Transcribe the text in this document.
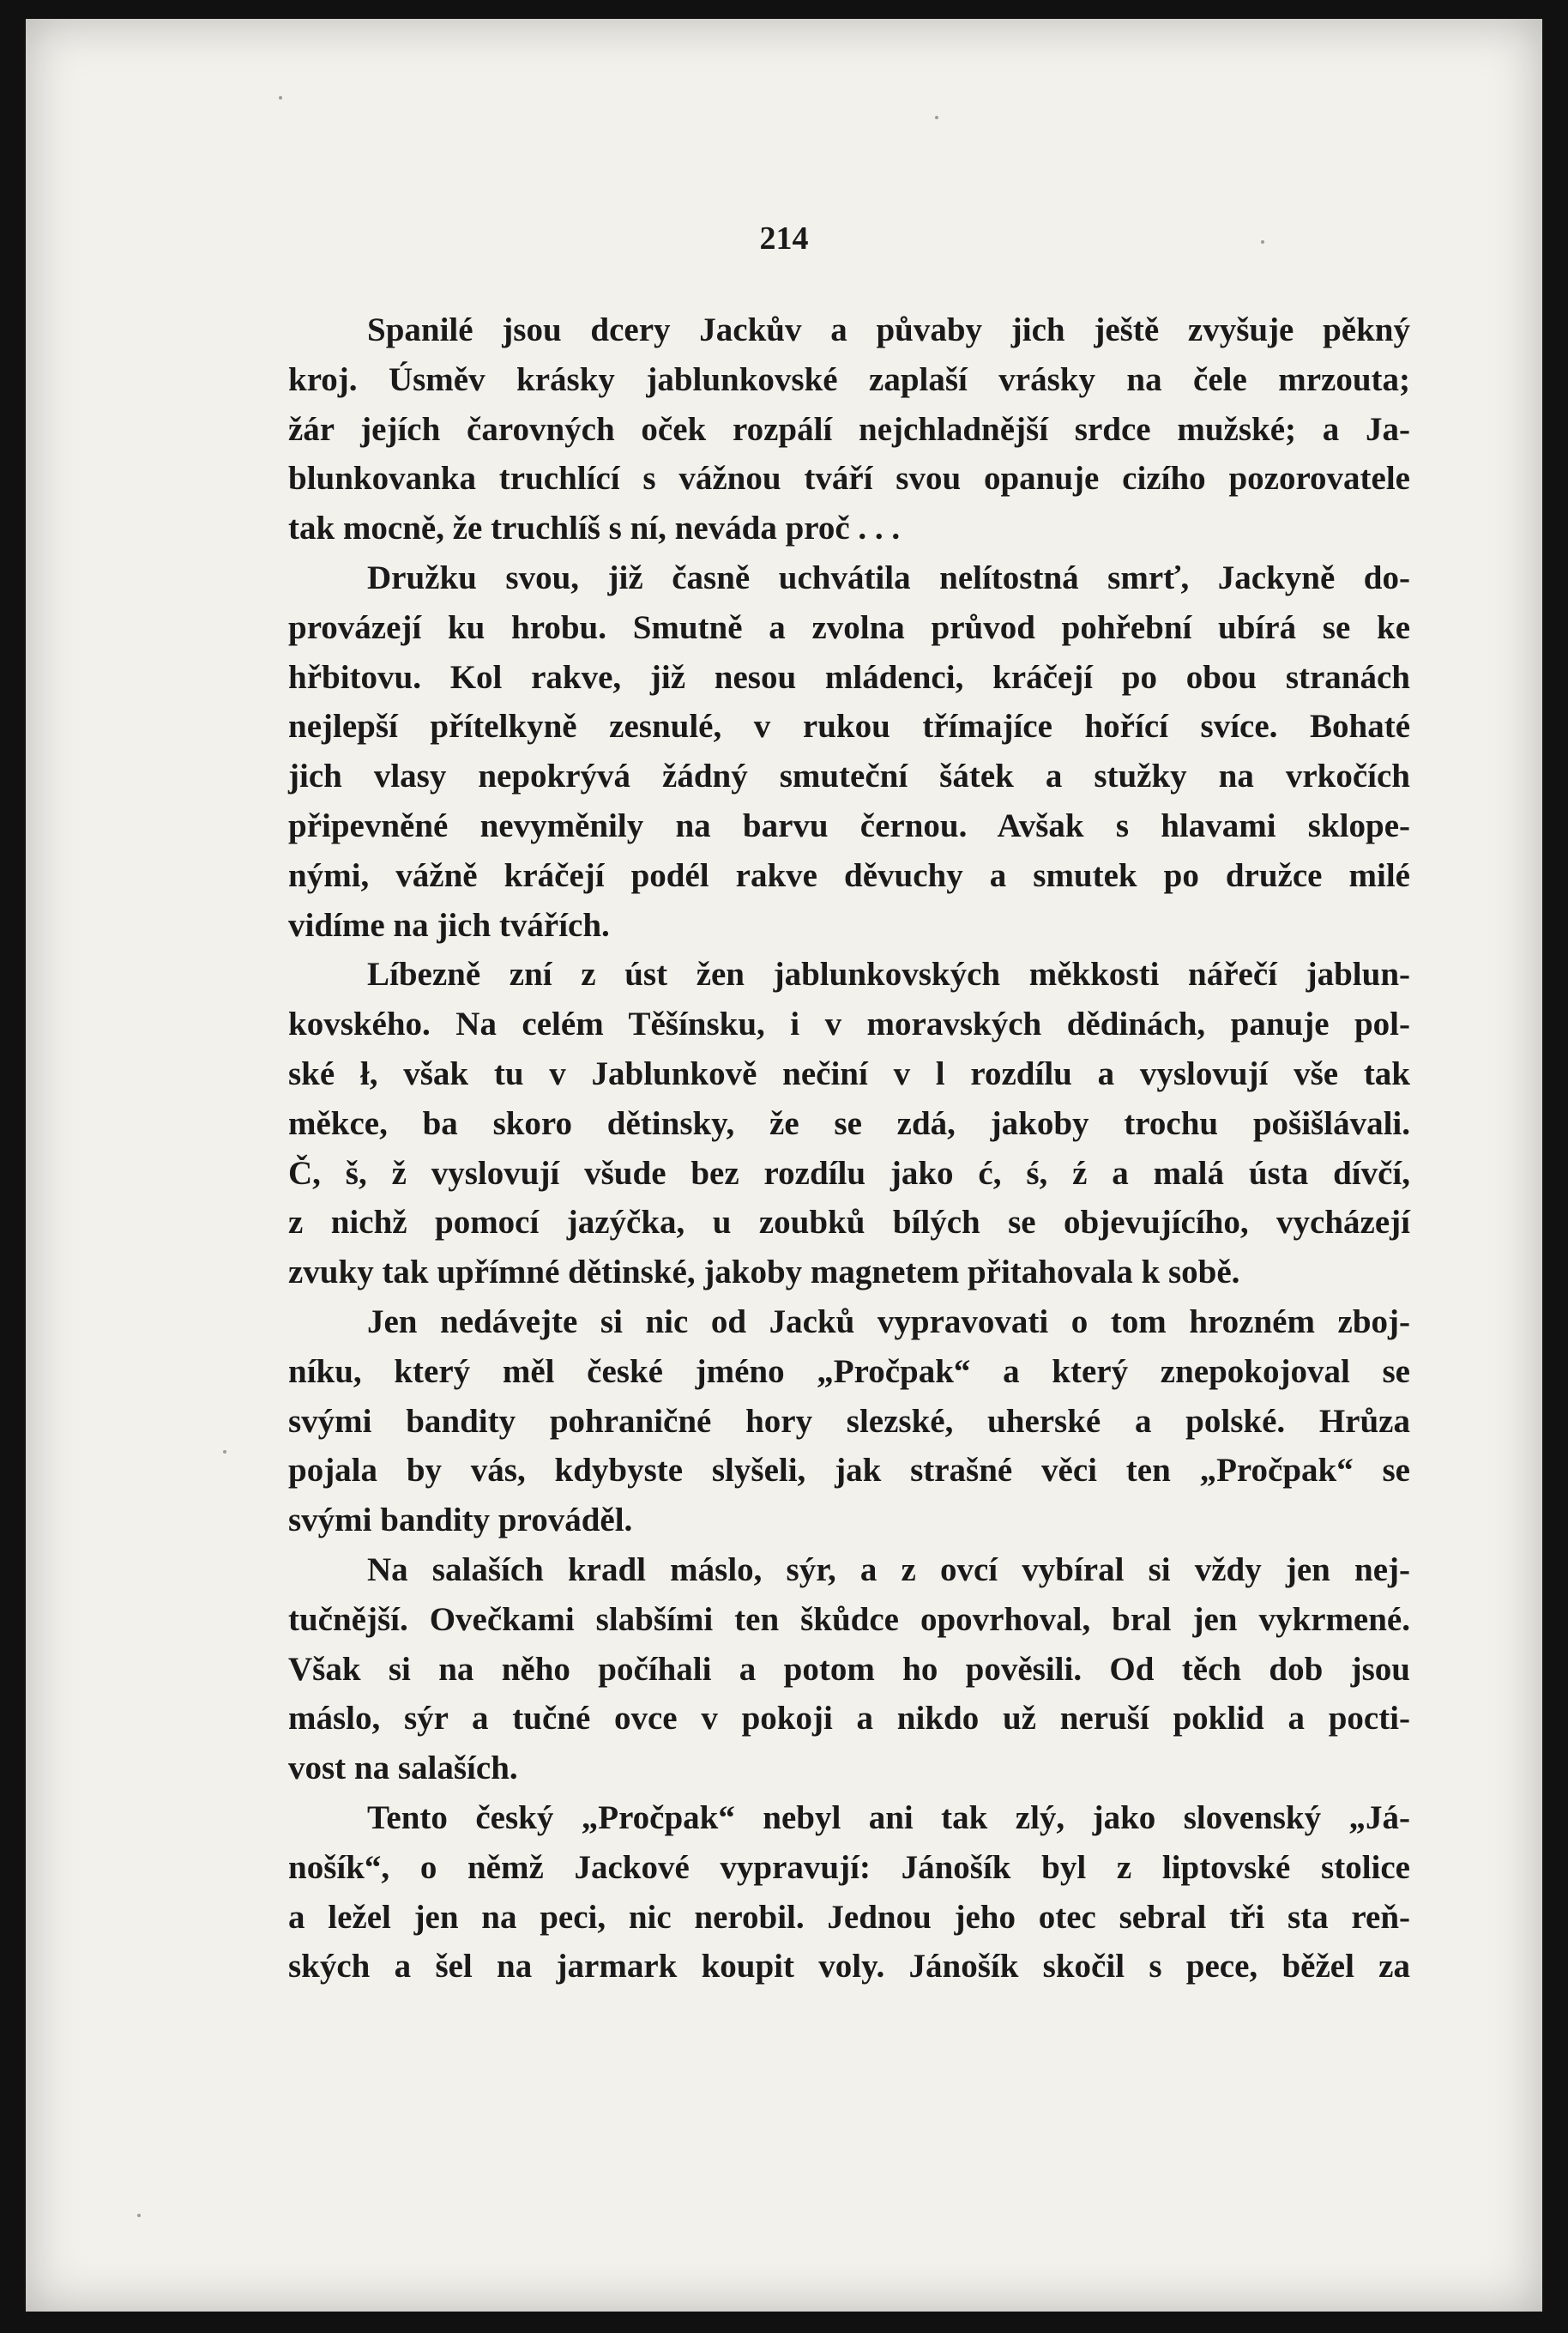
214
Spanilé jsou dcery Jackův a půvaby jich ještě zvyšuje pěkný
kroj. Úsměv krásky jablunkovské zaplaší vrásky na čele mrzouta;
žár jejích čarovných oček rozpálí nejchladnější srdce mužské; a Ja-
blunkovanka truchlící s vážnou tváří svou opanuje cizího pozorovatele
tak mocně, že truchlíš s ní, neváda proč . . .
Družku svou, již časně uchvátila nelítostná smrť, Jackyně do-
provázejí ku hrobu. Smutně a zvolna průvod pohřební ubírá se ke
hřbitovu. Kol rakve, již nesou mládenci, kráčejí po obou stranách
nejlepší přítelkyně zesnulé, v rukou třímajíce hořící svíce. Bohaté
jich vlasy nepokrývá žádný smuteční šátek a stužky na vrkočích
připevněné nevyměnily na barvu černou. Avšak s hlavami sklope-
nými, vážně kráčejí podél rakve děvuchy a smutek po družce milé
vidíme na jich tvářích.
Líbezně zní z úst žen jablunkovských měkkosti nářečí jablun-
kovského. Na celém Těšínsku, i v moravských dědinách, panuje pol-
ské ł, však tu v Jablunkově nečiní v l rozdílu a vyslovují vše tak
měkce, ba skoro dětinsky, že se zdá, jakoby trochu pošišlávali.
Č, š, ž vyslovují všude bez rozdílu jako ć, ś, ź a malá ústa dívčí,
z nichž pomocí jazýčka, u zoubků bílých se objevujícího, vycházejí
zvuky tak upřímné dětinské, jakoby magnetem přitahovala k sobě.
Jen nedávejte si nic od Jacků vypravovati o tom hrozném zboj-
níku, který měl české jméno „Pročpak“ a který znepokojoval se
svými bandity pohraničné hory slezské, uherské a polské. Hrůza
pojala by vás, kdybyste slyšeli, jak strašné věci ten „Pročpak“ se
svými bandity prováděl.
Na salaších kradl máslo, sýr, a z ovcí vybíral si vždy jen nej-
tučnější. Ovečkami slabšími ten škůdce opovrhoval, bral jen vykrmené.
Však si na něho počíhali a potom ho pověsili. Od těch dob jsou
máslo, sýr a tučné ovce v pokoji a nikdo už neruší poklid a pocti-
vost na salaších.
Tento český „Pročpak“ nebyl ani tak zlý, jako slovenský „Já-
nošík“, o němž Jackové vypravují: Jánošík byl z liptovské stolice
a ležel jen na peci, nic nerobil. Jednou jeho otec sebral tři sta reň-
ských a šel na jarmark koupit voly. Jánošík skočil s pece, běžel za
